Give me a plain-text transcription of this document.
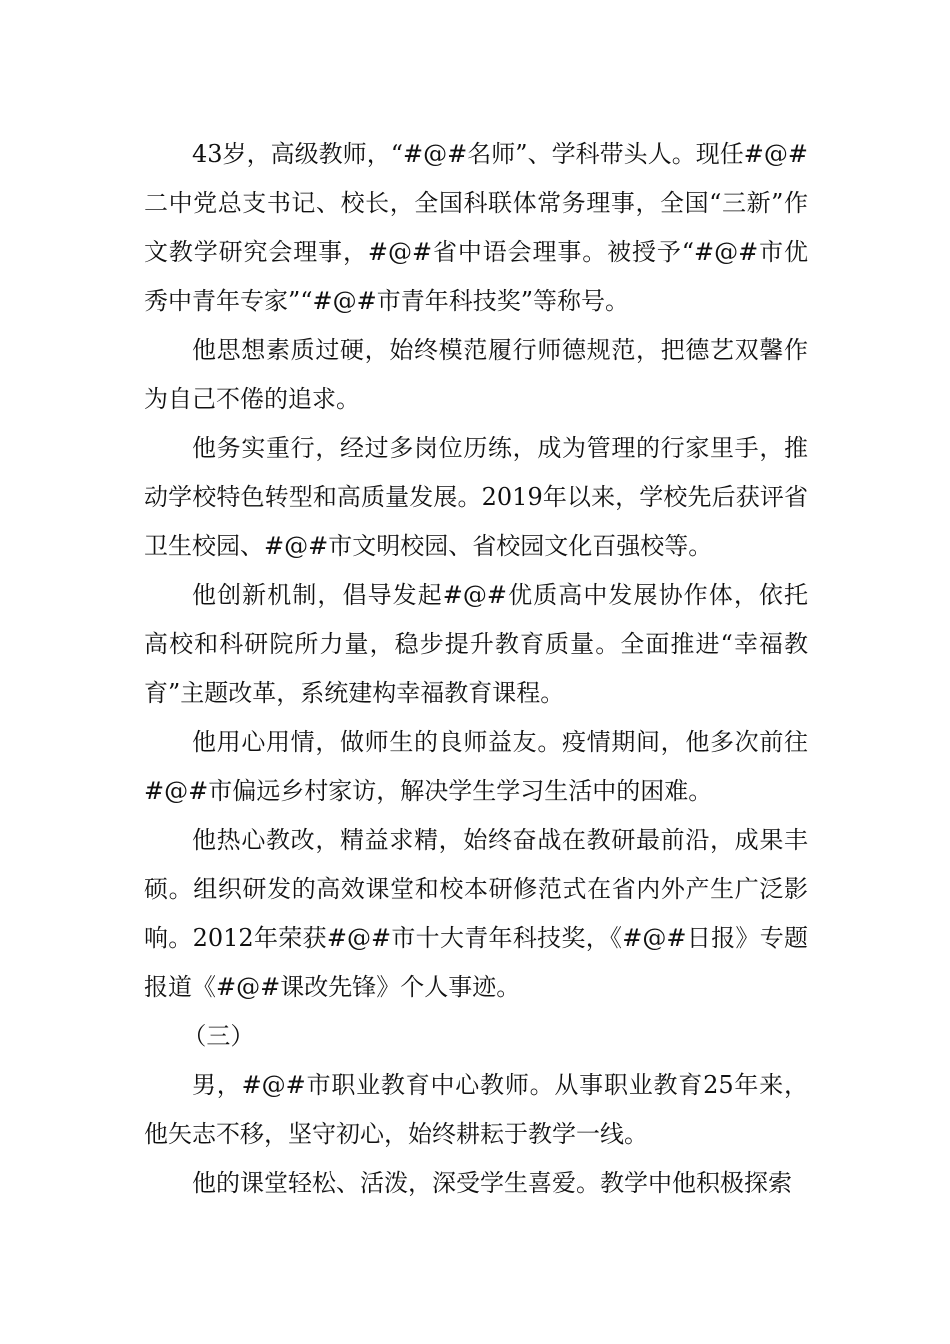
43岁，高级教师，“#@#名师”、学科带头人。现任#@#二中党总支书记、校长，全国科联体常务理事，全国“三新”作文教学研究会理事，#@#省中语会理事。被授予“#@#市优秀中青年专家”“#@#市青年科技奖”等称号。

他思想素质过硬，始终模范履行师德规范，把德艺双馨作为自己不倦的追求。

他务实重行，经过多岗位历练，成为管理的行家里手，推动学校特色转型和高质量发展。2019年以来，学校先后获评省卫生校园、#@#市文明校园、省校园文化百强校等。

他创新机制，倡导发起#@#优质高中发展协作体，依托高校和科研院所力量，稳步提升教育质量。全面推进“幸福教育”主题改革，系统建构幸福教育课程。

他用心用情，做师生的良师益友。疫情期间，他多次前往#@#市偏远乡村家访，解决学生学习生活中的困难。

他热心教改，精益求精，始终奋战在教研最前沿，成果丰硕。组织研发的高效课堂和校本研修范式在省内外产生广泛影响。2012年荣获#@#市十大青年科技奖，《#@#日报》专题报道《#@#课改先锋》个人事迹。

（三）

男，#@#市职业教育中心教师。从事职业教育25年来，他矢志不移，坚守初心，始终耕耘于教学一线。

他的课堂轻松、活泼，深受学生喜爱。教学中他积极探索
